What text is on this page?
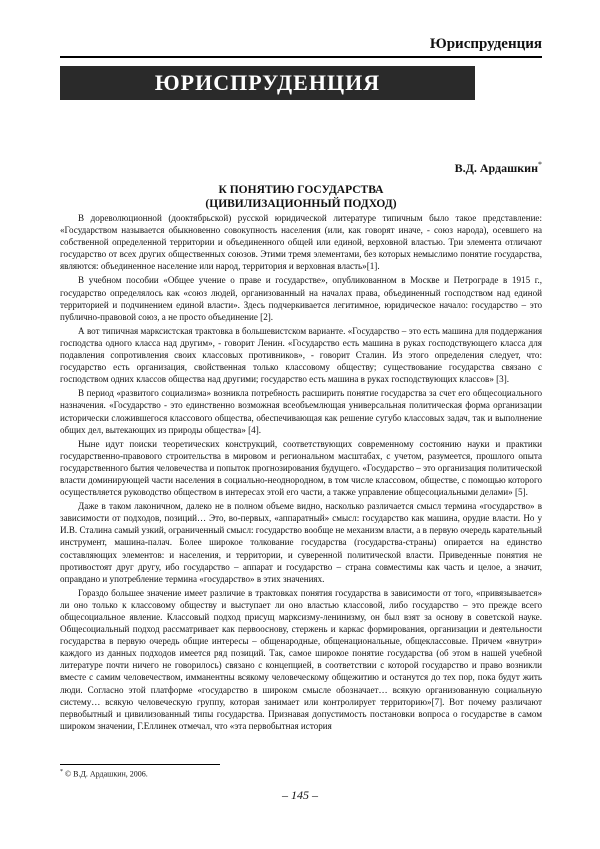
Юриспруденция
ЮРИСПРУДЕНЦИЯ
В.Д. Ардашкин*
К ПОНЯТИЮ ГОСУДАРСТВА
(ЦИВИЛИЗАЦИОННЫЙ ПОДХОД)

В дореволюционной (дооктябрьской) русской юридической литературе типичным было такое представление: «Государством называется обыкновенно совокупность населения (или, как говорят иначе, - союз народа), осевшего на собственной определенной территории и объединенного общей или единой, верховной властью. Три элемента отличают государство от всех других общественных союзов. Этими тремя элементами, без которых немыслимо понятие государства, являются: объединенное население или народ, территория и верховная власть»[1].

В учебном пособии «Общее учение о праве и государстве», опубликованном в Москве и Петрограде в 1915 г., государство определялось как «союз людей, организованный на началах права, объединенный господством над единой территорией и подчинением единой власти». Здесь подчеркивается легитимное, юридическое начало: государство – это публично-правовой союз, а не просто объединение [2].

А вот типичная марксистская трактовка в большевистском варианте. «Государство – это есть машина для поддержания господства одного класса над другим», - говорит Ленин. «Государство есть машина в руках господствующего класса для подавления сопротивления своих классовых противников», - говорит Сталин. Из этого определения следует, что: государство есть организация, свойственная только классовому обществу; существование государства связано с господством одних классов общества над другими; государство есть машина в руках господствующих классов» [3].

В период «развитого социализма» возникла потребность расширить понятие государства за счет его общесоциального назначения. «Государство - это единственно возможная всеобъемлющая универсальная политическая форма организации исторически сложившегося классового общества, обеспечивающая как решение сугубо классовых задач, так и выполнение общих дел, вытекающих из природы общества» [4].

Ныне идут поиски теоретических конструкций, соответствующих современному состоянию науки и практики государственно-правового строительства в мировом и региональном масштабах, с учетом, разумеется, прошлого опыта государственного бытия человечества и попыток прогнозирования будущего. «Государство – это организация политической власти доминирующей части населения в социально-неоднородном, в том числе классовом, обществе, с помощью которого осуществляется руководство обществом в интересах этой его части, а также управление общесоциальными делами» [5].

Даже в таком лаконичном, далеко не в полном объеме видно, насколько различается смысл термина «государство» в зависимости от подходов, позиций… Это, во-первых, «аппаратный» смысл: государство как машина, орудие власти. Но у И.В. Сталина самый узкий, ограниченный смысл: государство вообще не механизм власти, а в первую очередь карательный инструмент, машина-палач. Более широкое толкование государства (государства-страны) опирается на единство составляющих элементов: и населения, и территории, и суверенной политической власти. Приведенные понятия не противостоят друг другу, ибо государство – аппарат и государство – страна совместимы как часть и целое, а значит, оправдано и употребление термина «государство» в этих значениях.

Гораздо большее значение имеет различие в трактовках понятия государства в зависимости от того, «привязывается» ли оно только к классовому обществу и выступает ли оно властью классовой, либо государство – это прежде всего общесоциальное явление. Классовый подход присущ марксизму-ленинизму, он был взят за основу в советской науке. Общесоциальный подход рассматривает как первооснову, стержень и каркас формирования, организации и деятельности государства в первую очередь общие интересы – общенародные, общенациональные, общеклассовые. Причем «внутри» каждого из данных подходов имеется ряд позиций. Так, самое широкое понятие государства (об этом в нашей учебной литературе почти ничего не говорилось) связано с концепцией, в соответствии с которой государство и право возникли вместе с самим человечеством, имманентны всякому человеческому общежитию и останутся до тех пор, пока будут жить люди. Согласно этой платформе «государство в широком смысле обозначает… всякую организованную социальную систему… всякую человеческую группу, которая занимает или контролирует территорию»[7]. Вот почему различают первобытный и цивилизованный типы государства. Признавая допустимость постановки вопроса о государстве в самом широком значении, Г.Еллинек отмечал, что «эта первобытная история

* © В.Д. Ардашкин, 2006.
– 145 –
